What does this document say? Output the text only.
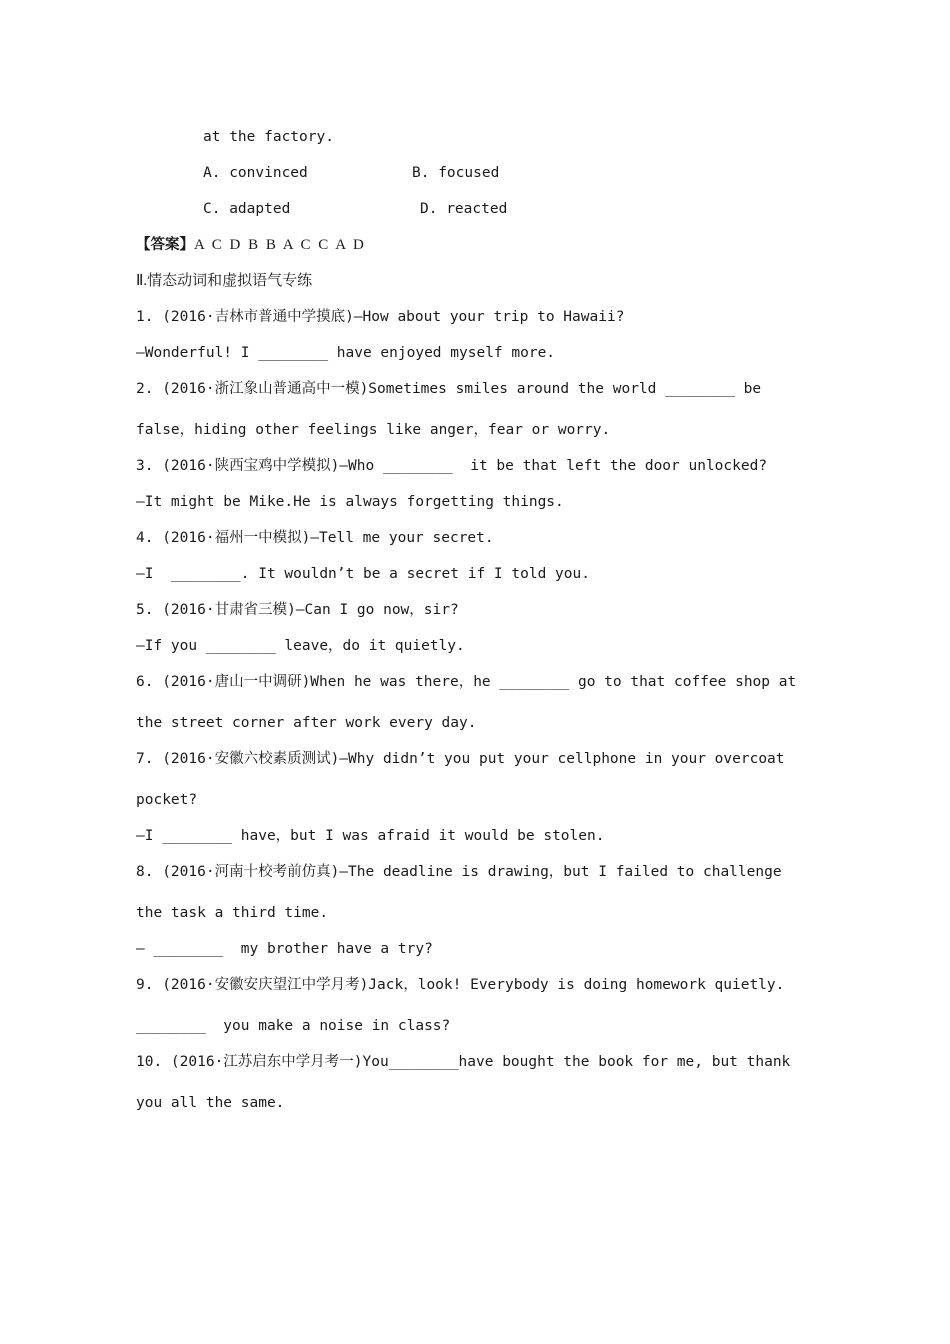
at the factory.
A. convinced	B. focused
C. adapted	D. reacted
【答案】A C D B B A C C A D
Ⅱ.情态动词和虚拟语气专练
1. (2016·吉林市普通中学摸底)—How about your trip to Hawaii?
—Wonderful! I ________ have enjoyed myself more.
2. (2016·浙江象山普通高中一模)Sometimes smiles around the world ________ be
false，hiding other feelings like anger，fear or worry.
3. (2016·陕西宝鸡中学模拟)—Who ________  it be that left the door unlocked?
—It might be Mike.He is always forgetting things.
4. (2016·福州一中模拟)—Tell me your secret.
—I  ________. It wouldn’t be a secret if I told you.
5. (2016·甘肃省三模)—Can I go now，sir?
—If you ________ leave，do it quietly.
6. (2016·唐山一中调研)When he was there，he ________ go to that coffee shop at
the street corner after work every day.
7. (2016·安徽六校素质测试)—Why didn’t you put your cellphone in your overcoat
pocket?
—I ________ have，but I was afraid it would be stolen.
8. (2016·河南十校考前仿真)—The deadline is drawing，but I failed to challenge
the task a third time.
— ________  my brother have a try?
9. (2016·安徽安庆望江中学月考)Jack，look! Everybody is doing homework quietly.
________  you make a noise in class?
10. (2016·江苏启东中学月考一)You________have bought the book for me, but thank
you all the same.
